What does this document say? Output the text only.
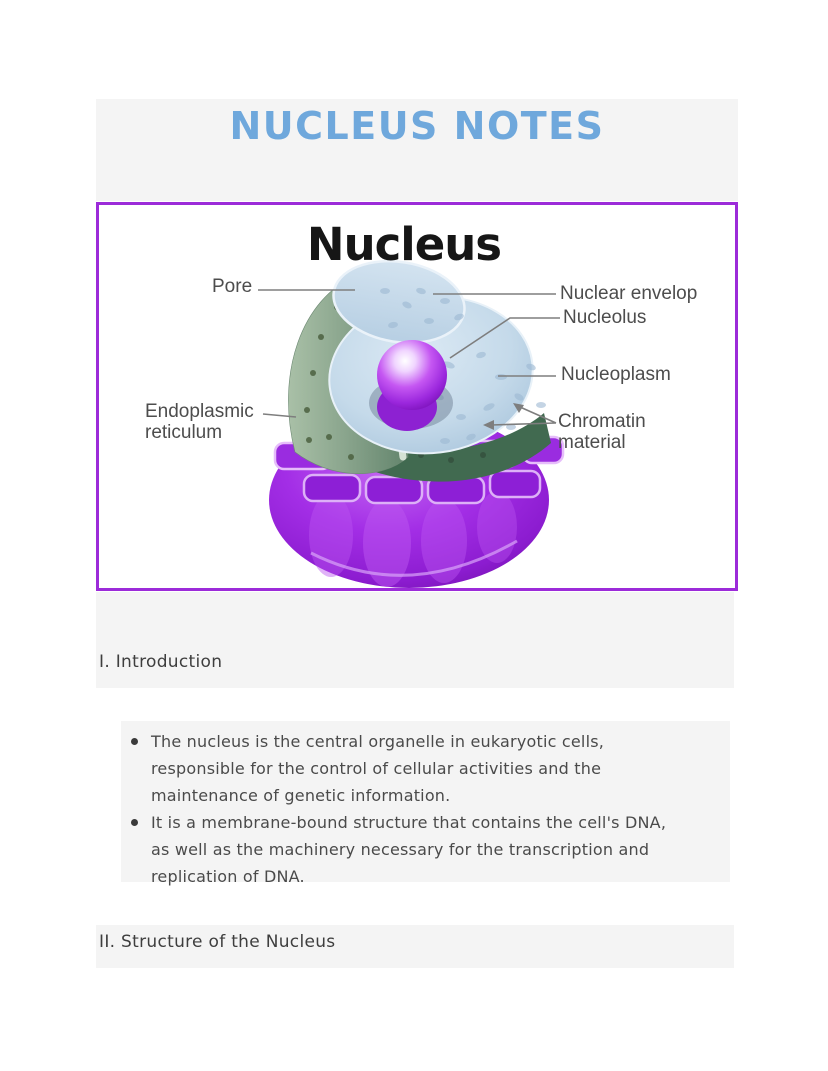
NUCLEUS NOTES
Nucleus
Pore	Nuclear envelop
Nucleolus
Nucleoplasm
Chromatin
material
Endoplasmic
reticulum
I. Introduction
The nucleus is the central organelle in eukaryotic cells,
responsible for the control of cellular activities and the
maintenance of genetic information.
It is a membrane-bound structure that contains the cell's DNA,
as well as the machinery necessary for the transcription and
replication of DNA.
II. Structure of the Nucleus
